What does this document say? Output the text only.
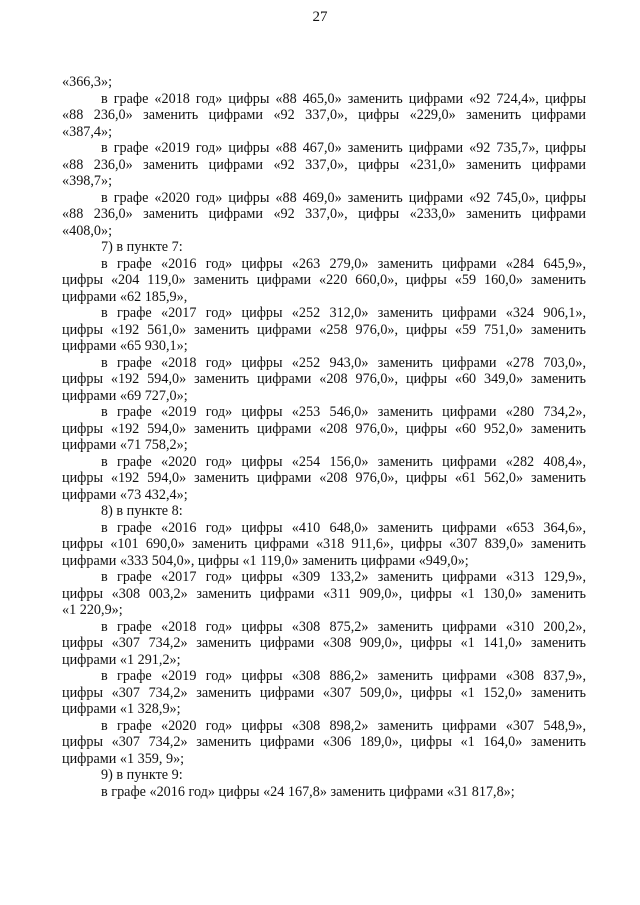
27
«366,3»;
в графе «2018 год» цифры «88 465,0» заменить цифрами «92 724,4», цифры
«88 236,0» заменить цифрами «92 337,0», цифры «229,0» заменить цифрами
«387,4»;
в графе «2019 год» цифры «88 467,0» заменить цифрами «92 735,7», цифры
«88 236,0» заменить цифрами «92 337,0», цифры «231,0» заменить цифрами
«398,7»;
в графе «2020 год» цифры «88 469,0» заменить цифрами «92 745,0», цифры
«88 236,0» заменить цифрами «92 337,0», цифры «233,0» заменить цифрами
«408,0»;
7) в пункте 7:
в графе «2016 год» цифры «263 279,0» заменить цифрами «284 645,9»,
цифры «204 119,0» заменить цифрами «220 660,0», цифры «59 160,0» заменить
цифрами «62 185,9»,
в графе «2017 год» цифры «252 312,0» заменить цифрами «324 906,1»,
цифры «192 561,0» заменить цифрами «258 976,0», цифры «59 751,0» заменить
цифрами «65 930,1»;
в графе «2018 год» цифры «252 943,0» заменить цифрами «278 703,0»,
цифры «192 594,0» заменить цифрами «208 976,0», цифры «60 349,0» заменить
цифрами «69 727,0»;
в графе «2019 год» цифры «253 546,0» заменить цифрами «280 734,2»,
цифры «192 594,0» заменить цифрами «208 976,0», цифры «60 952,0» заменить
цифрами «71 758,2»;
в графе «2020 год» цифры «254 156,0» заменить цифрами «282 408,4»,
цифры «192 594,0» заменить цифрами «208 976,0», цифры «61 562,0» заменить
цифрами «73 432,4»;
8) в пункте 8:
в графе «2016 год» цифры «410 648,0» заменить цифрами «653 364,6»,
цифры «101 690,0» заменить цифрами «318 911,6», цифры «307 839,0» заменить
цифрами «333 504,0», цифры «1 119,0» заменить цифрами «949,0»;
в графе «2017 год» цифры «309 133,2» заменить цифрами «313 129,9»,
цифры «308 003,2» заменить цифрами «311 909,0», цифры «1 130,0» заменить
«1 220,9»;
в графе «2018 год» цифры «308 875,2» заменить цифрами «310 200,2»,
цифры «307 734,2» заменить цифрами «308 909,0», цифры «1 141,0» заменить
цифрами «1 291,2»;
в графе «2019 год» цифры «308 886,2» заменить цифрами «308 837,9»,
цифры «307 734,2» заменить цифрами «307 509,0», цифры «1 152,0» заменить
цифрами «1 328,9»;
в графе «2020 год» цифры «308 898,2» заменить цифрами «307 548,9»,
цифры «307 734,2» заменить цифрами «306 189,0», цифры «1 164,0» заменить
цифрами «1 359, 9»;
9) в пункте 9:
в графе «2016 год» цифры «24 167,8» заменить цифрами «31 817,8»;
